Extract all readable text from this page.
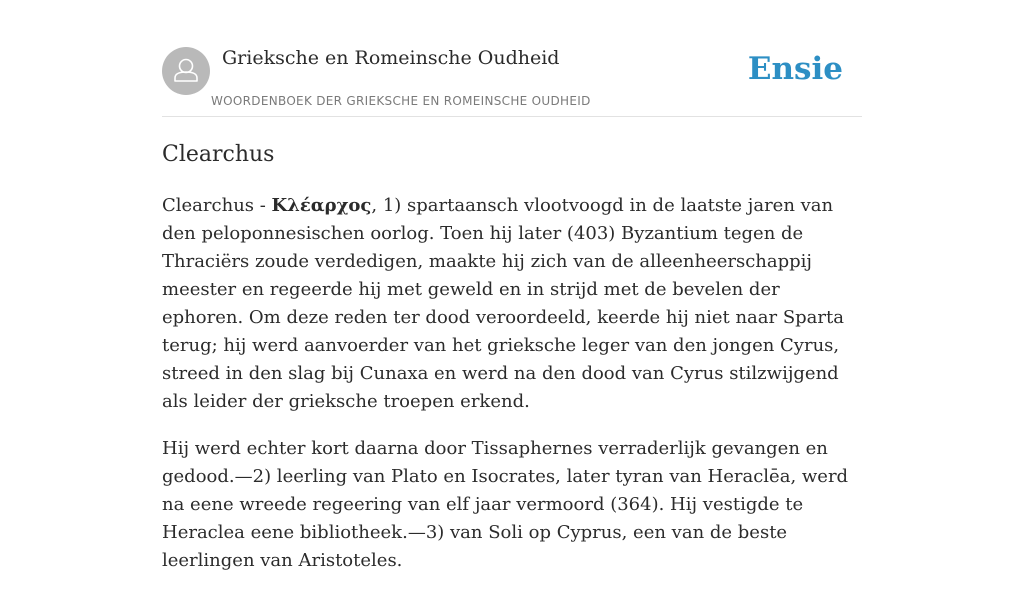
Grieksche en Romeinsche Oudheid
WOORDENBOEK DER GRIEKSCHE EN ROMEINSCHE OUDHEID
Ensie
Clearchus

Clearchus - Κλέαρχος, 1) spartaansch vlootvoogd in de laatste jaren van den peloponnesischen oorlog. Toen hij later (403) Byzantium tegen de Thraciërs zoude verdedigen, maakte hij zich van de alleenheerschappij meester en regeerde hij met geweld en in strijd met de bevelen der ephoren. Om deze reden ter dood veroordeeld, keerde hij niet naar Sparta terug; hij werd aanvoerder van het grieksche leger van den jongen Cyrus, streed in den slag bij Cunaxa en werd na den dood van Cyrus stilzwijgend als leider der grieksche troepen erkend.

Hij werd echter kort daarna door Tissaphernes verraderlijk gevangen en gedood.—2) leerling van Plato en Isocrates, later tyran van Heraclēa, werd na eene wreede regeering van elf jaar vermoord (364). Hij vestigde te Heraclea eene bibliotheek.—3) van Soli op Cyprus, een van de beste leerlingen van Aristoteles.
